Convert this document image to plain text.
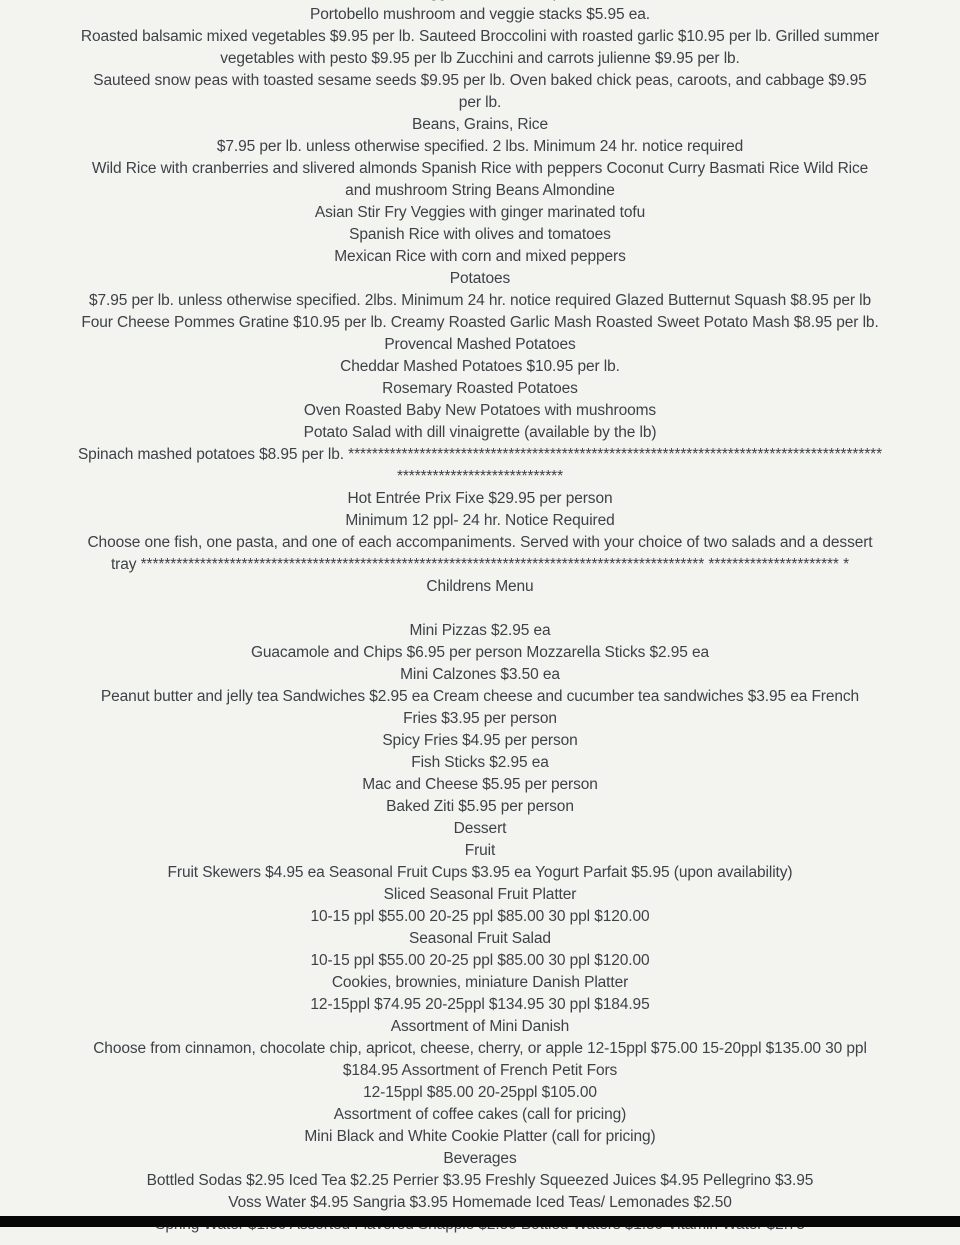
Portobello mushroom and veggie stacks $5.95 ea.
Roasted balsamic mixed vegetables $9.95 per lb. Sauteed Broccolini with roasted garlic $10.95 per lb. Grilled summer
vegetables with pesto $9.95 per lb Zucchini and carrots julienne $9.95 per lb.
Sauteed snow peas with toasted sesame seeds $9.95 per lb. Oven baked chick peas, caroots, and cabbage $9.95
per lb.
Beans, Grains, Rice
$7.95 per lb. unless otherwise specified. 2 lbs. Minimum 24 hr. notice required
Wild Rice with cranberries and slivered almonds Spanish Rice with peppers Coconut Curry Basmati Rice Wild Rice
and mushroom String Beans Almondine
Asian Stir Fry Veggies with ginger marinated tofu
Spanish Rice with olives and tomatoes
Mexican Rice with corn and mixed peppers
Potatoes
$7.95 per lb. unless otherwise specified. 2lbs. Minimum 24 hr. notice required Glazed Butternut Squash $8.95 per lb
Four Cheese Pommes Gratine $10.95 per lb. Creamy Roasted Garlic Mash Roasted Sweet Potato Mash $8.95 per lb.
Provencal Mashed Potatoes
Cheddar Mashed Potatoes $10.95 per lb.
Rosemary Roasted Potatoes
Oven Roasted Baby New Potatoes with mushrooms
Potato Salad with dill vinaigrette (available by the lb)
Spinach mashed potatoes $8.95 per lb. ******************************************************************************************
****************************
Hot Entrée Prix Fixe $29.95 per person
Minimum 12 ppl- 24 hr. Notice Required
Choose one fish, one pasta, and one of each accompaniments. Served with your choice of two salads and a dessert
tray *********************************************************************************************** ********************** *
Childrens Menu
Mini Pizzas $2.95 ea
Guacamole and Chips $6.95 per person Mozzarella Sticks $2.95 ea
Mini Calzones $3.50 ea
Peanut butter and jelly tea Sandwiches $2.95 ea Cream cheese and cucumber tea sandwiches $3.95 ea French
Fries $3.95 per person
Spicy Fries $4.95 per person
Fish Sticks $2.95 ea
Mac and Cheese $5.95 per person
Baked Ziti $5.95 per person
Dessert
Fruit
Fruit Skewers $4.95 ea Seasonal Fruit Cups $3.95 ea Yogurt Parfait $5.95 (upon availability)
Sliced Seasonal Fruit Platter
10-15 ppl $55.00 20-25 ppl $85.00 30 ppl $120.00
Seasonal Fruit Salad
10-15 ppl $55.00 20-25 ppl $85.00 30 ppl $120.00
Cookies, brownies, miniature Danish Platter
12-15ppl $74.95 20-25ppl $134.95 30 ppl $184.95
Assortment of Mini Danish
Choose from cinnamon, chocolate chip, apricot, cheese, cherry, or apple 12-15ppl $75.00 15-20ppl $135.00 30 ppl
$184.95 Assortment of French Petit Fors
12-15ppl $85.00 20-25ppl $105.00
Assortment of coffee cakes (call for pricing)
Mini Black and White Cookie Platter (call for pricing)
Beverages
Bottled Sodas $2.95 Iced Tea $2.25 Perrier $3.95 Freshly Squeezed Juices $4.95 Pellegrino $3.95
Voss Water $4.95 Sangria $3.95 Homemade Iced Teas/ Lemonades $2.50
